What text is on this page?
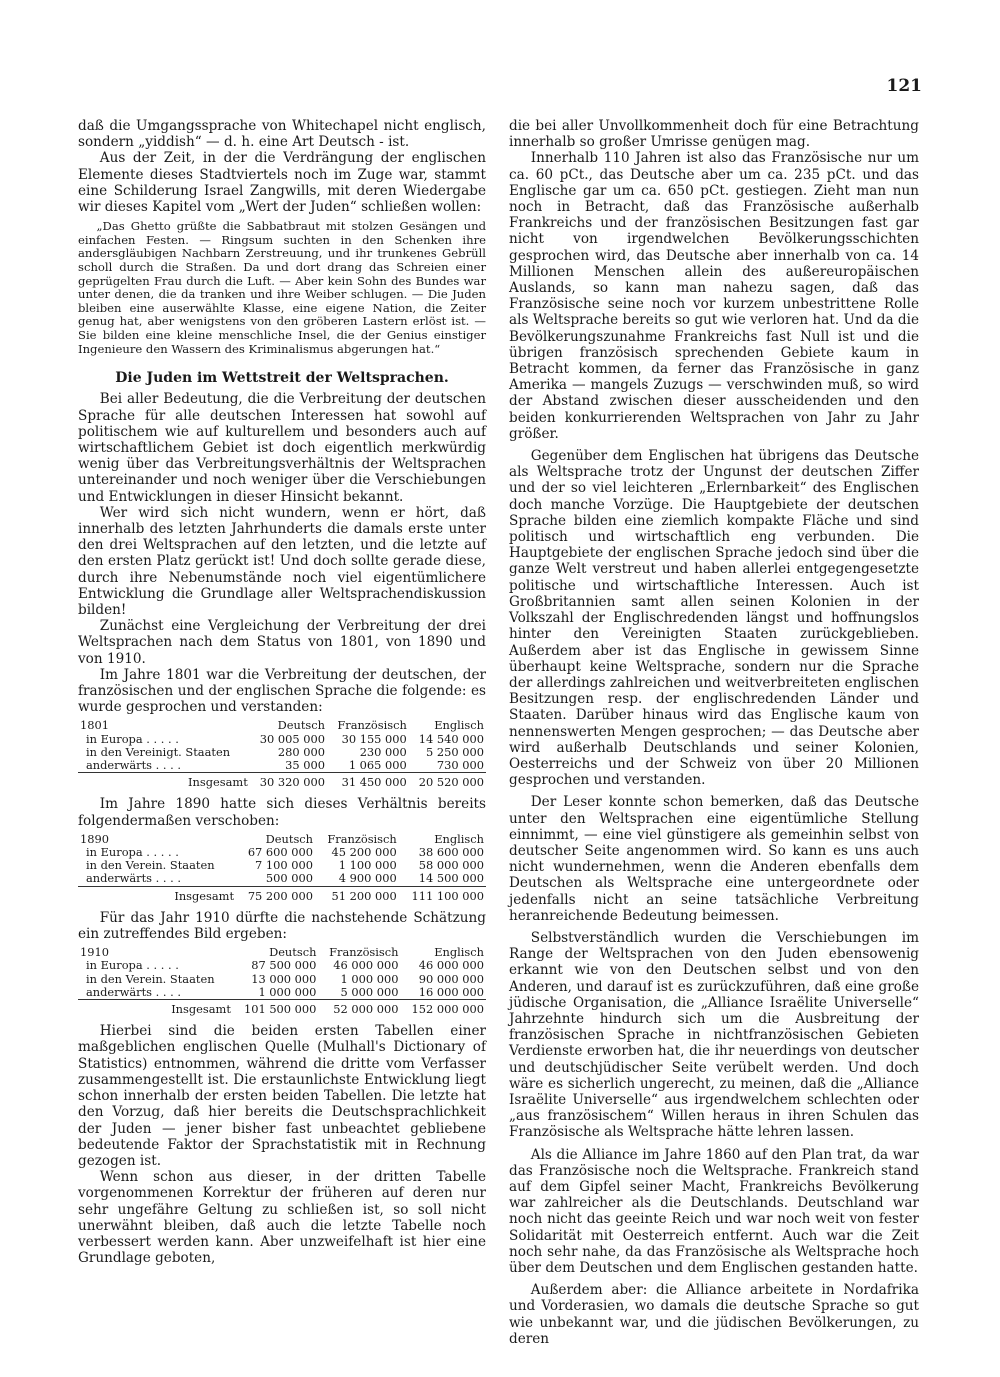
121

daß die Umgangssprache von Whitechapel nicht englisch, sondern „yiddish“ — d. h. eine Art Deutsch - ist.

Aus der Zeit, in der die Verdrängung der englischen Elemente dieses Stadtviertels noch im Zuge war, stammt eine Schilderung Israel Zangwills, mit deren Wiedergabe wir dieses Kapitel vom „Wert der Juden“ schließen wollen:

„Das Ghetto grüßte die Sabbatbraut mit stolzen Gesängen und einfachen Festen. — Ringsum suchten in den Schenken ihre andersgläubigen Nachbarn Zerstreuung, und ihr trunkenes Gebrüll scholl durch die Straßen. Da und dort drang das Schreien einer geprügelten Frau durch die Luft. — Aber kein Sohn des Bundes war unter denen, die da tranken und ihre Weiber schlugen. — Die Juden bleiben eine auserwählte Klasse, eine eigene Nation, die Zeiter genug hat, aber wenigstens von den gröberen Lastern erlöst ist. — Sie bilden eine kleine menschliche Insel, die der Genius einstiger Ingenieure den Wassern des Kriminalismus abgerungen hat.“
Die Juden im Wettstreit der Weltsprachen.

Bei aller Bedeutung, die die Verbreitung der deutschen Sprache für alle deutschen Interessen hat sowohl auf politischem wie auf kulturellem und besonders auch auf wirtschaftlichem Gebiet ist doch eigentlich merkwürdig wenig über das Verbreitungsverhältnis der Weltsprachen untereinander und noch weniger über die Verschiebungen und Entwicklungen in dieser Hinsicht bekannt.

Wer wird sich nicht wundern, wenn er hört, daß innerhalb des letzten Jahrhunderts die damals erste unter den drei Weltsprachen auf den letzten, und die letzte auf den ersten Platz gerückt ist! Und doch sollte gerade diese, durch ihre Nebenumstände noch viel eigentümlichere Entwicklung die Grundlage aller Weltsprachendiskussion bilden!

Zunächst eine Vergleichung der Verbreitung der drei Weltsprachen nach dem Status von 1801, von 1890 und von 1910.

Im Jahre 1801 war die Verbreitung der deutschen, der französischen und der englischen Sprache die folgende: es wurde gesprochen und verstanden:

1801	Deutsch	Französisch	Englisch
in Europa . . . . .	30 005 000	30 155 000	14 540 000
in den Vereinigt. Staaten	280 000	230 000	5 250 000
anderwärts . . . .	35 000	1 065 000	730 000
Insgesamt	30 320 000	31 450 000	20 520 000

Im Jahre 1890 hatte sich dieses Verhältnis bereits folgendermaßen verschoben:

1890	Deutsch	Französisch	Englisch
in Europa . . . . .	67 600 000	45 200 000	38 600 000
in den Verein. Staaten	7 100 000	1 100 000	58 000 000
anderwärts . . . .	500 000	4 900 000	14 500 000
Insgesamt	75 200 000	51 200 000	111 100 000

Für das Jahr 1910 dürfte die nachstehende Schätzung ein zutreffendes Bild ergeben:

1910	Deutsch	Französisch	Englisch
in Europa . . . . .	87 500 000	46 000 000	46 000 000
in den Verein. Staaten	13 000 000	1 000 000	90 000 000
anderwärts . . . .	1 000 000	5 000 000	16 000 000
Insgesamt	101 500 000	52 000 000	152 000 000

Hierbei sind die beiden ersten Tabellen einer maßgeblichen englischen Quelle (Mulhall's Dictionary of Statistics) entnommen, während die dritte vom Verfasser zusammengestellt ist. Die erstaunlichste Entwicklung liegt schon innerhalb der ersten beiden Tabellen. Die letzte hat den Vorzug, daß hier bereits die Deutschsprachlichkeit der Juden — jener bisher fast unbeachtet gebliebene bedeutende Faktor der Sprachstatistik mit in Rechnung gezogen ist.

Wenn schon aus dieser, in der dritten Tabelle vorgenommenen Korrektur der früheren auf deren nur sehr ungefähre Geltung zu schließen ist, so soll nicht unerwähnt bleiben, daß auch die letzte Tabelle noch verbessert werden kann. Aber unzweifelhaft ist hier eine Grundlage geboten,

die bei aller Unvollkommenheit doch für eine Betrachtung innerhalb so großer Umrisse genügen mag.

Innerhalb 110 Jahren ist also das Französische nur um ca. 60 pCt., das Deutsche aber um ca. 235 pCt. und das Englische gar um ca. 650 pCt. gestiegen. Zieht man nun noch in Betracht, daß das Französische außerhalb Frankreichs und der französischen Besitzungen fast gar nicht von irgendwelchen Bevölkerungsschichten gesprochen wird, das Deutsche aber innerhalb von ca. 14 Millionen Menschen allein des außereuropäischen Auslands, so kann man nahezu sagen, daß das Französische seine noch vor kurzem unbestrittene Rolle als Weltsprache bereits so gut wie verloren hat. Und da die Bevölkerungszunahme Frankreichs fast Null ist und die übrigen französisch sprechenden Gebiete kaum in Betracht kommen, da ferner das Französische in ganz Amerika — mangels Zuzugs — verschwinden muß, so wird der Abstand zwischen dieser ausscheidenden und den beiden konkurrierenden Weltsprachen von Jahr zu Jahr größer.

Gegenüber dem Englischen hat übrigens das Deutsche als Weltsprache trotz der Ungunst der deutschen Ziffer und der so viel leichteren „Erlernbarkeit“ des Englischen doch manche Vorzüge. Die Hauptgebiete der deutschen Sprache bilden eine ziemlich kompakte Fläche und sind politisch und wirtschaftlich eng verbunden. Die Hauptgebiete der englischen Sprache jedoch sind über die ganze Welt verstreut und haben allerlei entgegengesetzte politische und wirtschaftliche Interessen. Auch ist Großbritannien samt allen seinen Kolonien in der Volkszahl der Englischredenden längst und hoffnungslos hinter den Vereinigten Staaten zurückgeblieben. Außerdem aber ist das Englische in gewissem Sinne überhaupt keine Weltsprache, sondern nur die Sprache der allerdings zahlreichen und weitverbreiteten englischen Besitzungen resp. der englischredenden Länder und Staaten. Darüber hinaus wird das Englische kaum von nennenswerten Mengen gesprochen; — das Deutsche aber wird außerhalb Deutschlands und seiner Kolonien, Oesterreichs und der Schweiz von über 20 Millionen gesprochen und verstanden.

Der Leser konnte schon bemerken, daß das Deutsche unter den Weltsprachen eine eigentümliche Stellung einnimmt, — eine viel günstigere als gemeinhin selbst von deutscher Seite angenommen wird. So kann es uns auch nicht wundernehmen, wenn die Anderen ebenfalls dem Deutschen als Weltsprache eine untergeordnete oder jedenfalls nicht an seine tatsächliche Verbreitung heranreichende Bedeutung beimessen.

Selbstverständlich wurden die Verschiebungen im Range der Weltsprachen von den Juden ebensowenig erkannt wie von den Deutschen selbst und von den Anderen, und darauf ist es zurückzuführen, daß eine große jüdische Organisation, die „Alliance Israëlite Universelle“ Jahrzehnte hindurch sich um die Ausbreitung der französischen Sprache in nichtfranzösischen Gebieten Verdienste erworben hat, die ihr neuerdings von deutscher und deutschjüdischer Seite verübelt werden. Und doch wäre es sicherlich ungerecht, zu meinen, daß die „Alliance Israëlite Universelle“ aus irgendwelchem schlechten oder „aus französischem“ Willen heraus in ihren Schulen das Französische als Weltsprache hätte lehren lassen.

Als die Alliance im Jahre 1860 auf den Plan trat, da war das Französische noch die Weltsprache. Frankreich stand auf dem Gipfel seiner Macht, Frankreichs Bevölkerung war zahlreicher als die Deutschlands. Deutschland war noch nicht das geeinte Reich und war noch weit von fester Solidarität mit Oesterreich entfernt. Auch war die Zeit noch sehr nahe, da das Französische als Weltsprache hoch über dem Deutschen und dem Englischen gestanden hatte.

Außerdem aber: die Alliance arbeitete in Nordafrika und Vorderasien, wo damals die deutsche Sprache so gut wie unbekannt war, und die jüdischen Bevölkerungen, zu deren
